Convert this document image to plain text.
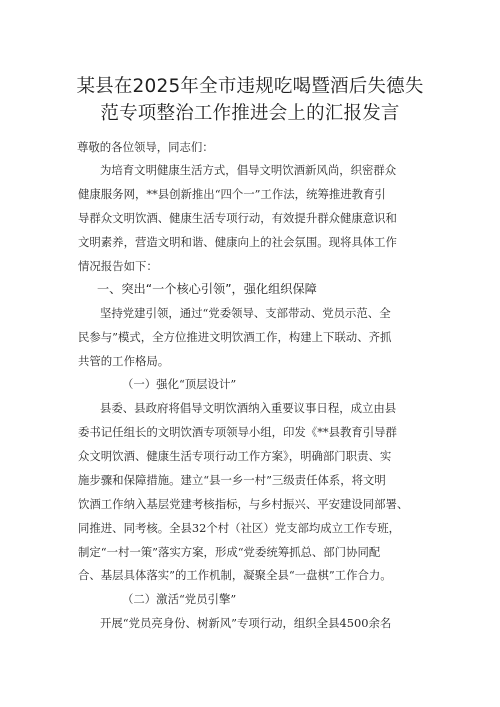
某县在2025年全市违规吃喝暨酒后失德失
范专项整治工作推进会上的汇报发言
尊敬的各位领导，同志们：
为培育文明健康生活方式，倡导文明饮酒新风尚，织密群众
健康服务网，**县创新推出“四个一”工作法，统筹推进教育引
导群众文明饮酒、健康生活专项行动，有效提升群众健康意识和
文明素养，营造文明和谐、健康向上的社会氛围。现将具体工作
情况报告如下：
一、突出“一个核心引领”，强化组织保障
坚持党建引领，通过“党委领导、支部带动、党员示范、全
民参与”模式，全方位推进文明饮酒工作，构建上下联动、齐抓
共管的工作格局。
（一）强化“顶层设计”
县委、县政府将倡导文明饮酒纳入重要议事日程，成立由县
委书记任组长的文明饮酒专项领导小组，印发《**县教育引导群
众文明饮酒、健康生活专项行动工作方案》，明确部门职责、实
施步骤和保障措施。建立“县一乡一村”三级责任体系，将文明
饮酒工作纳入基层党建考核指标，与乡村振兴、平安建设同部署、
同推进、同考核。全县32个村（社区）党支部均成立工作专班，
制定“一村一策”落实方案，形成“党委统筹抓总、部门协同配
合、基层具体落实”的工作机制，凝聚全县“一盘棋”工作合力。
（二）激活“党员引擎”
开展“党员亮身份、树新风”专项行动，组织全县4500余名
